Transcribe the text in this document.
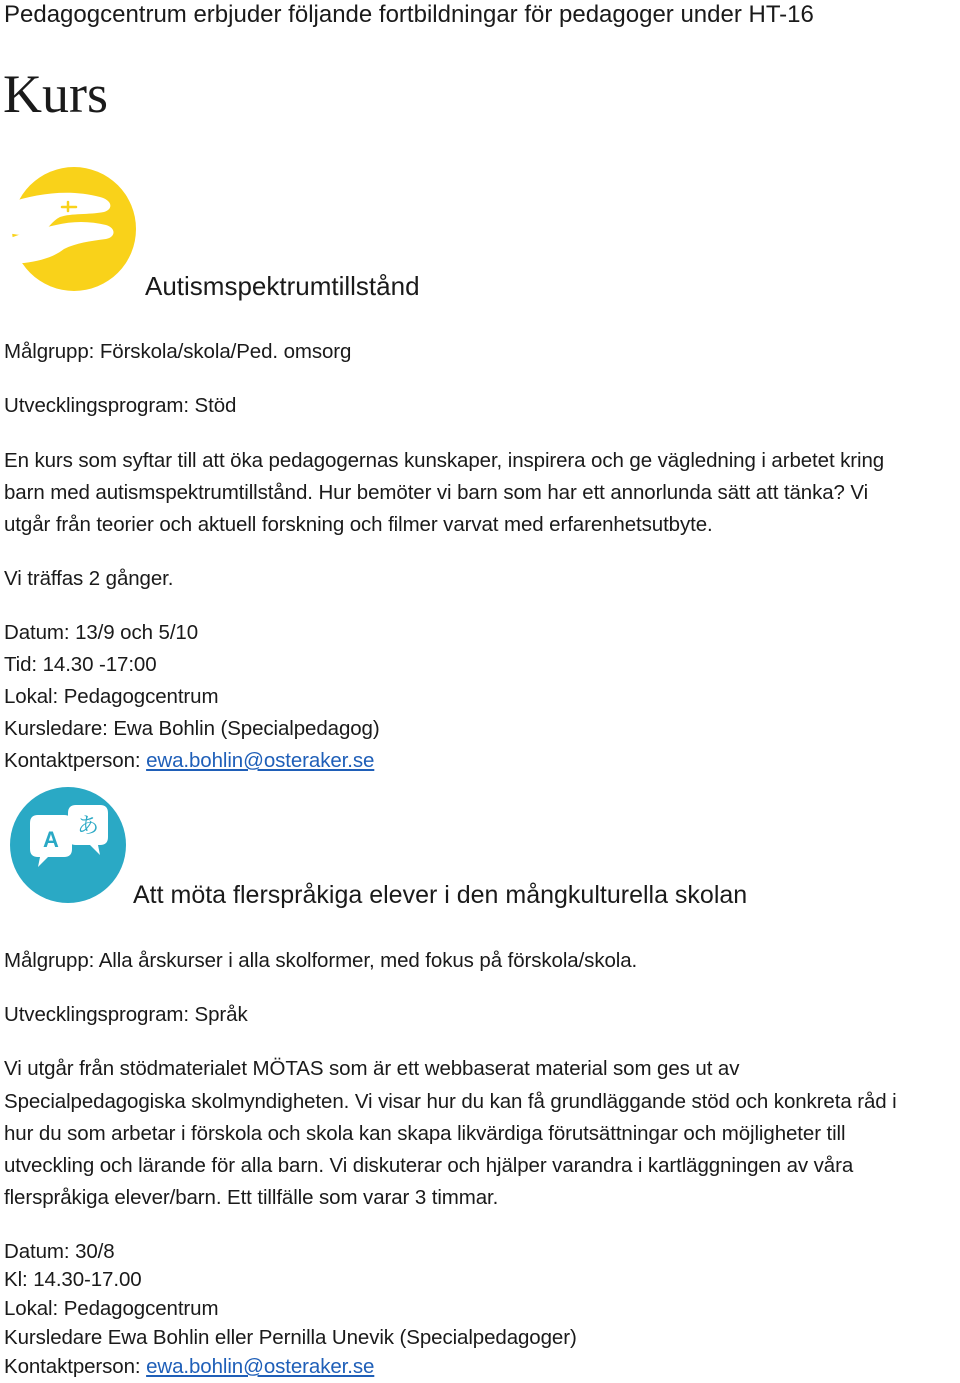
Pedagogcentrum erbjuder följande fortbildningar för pedagoger under HT-16
Kurs
Autismspektrumtillstånd
Målgrupp: Förskola/skola/Ped. omsorg
Utvecklingsprogram: Stöd
En kurs som syftar till att öka pedagogernas kunskaper, inspirera och ge vägledning i arbetet kring
barn med autismspektrumtillstånd. Hur bemöter vi barn som har ett annorlunda sätt att tänka? Vi
utgår från teorier och aktuell forskning och filmer varvat med erfarenhetsutbyte.
Vi träffas 2 gånger.
Datum: 13/9 och 5/10
Tid: 14.30 -17:00
Lokal: Pedagogcentrum
Kursledare: Ewa Bohlin (Specialpedagog)
Kontaktperson: ewa.bohlin@osteraker.se
A
あ
Att möta flerspråkiga elever i den mångkulturella skolan
Målgrupp: Alla årskurser i alla skolformer, med fokus på förskola/skola.
Utvecklingsprogram: Språk
Vi utgår från stödmaterialet MÖTAS som är ett webbaserat material som ges ut av
Specialpedagogiska skolmyndigheten. Vi visar hur du kan få grundläggande stöd och konkreta råd i
hur du som arbetar i förskola och skola kan skapa likvärdiga förutsättningar och möjligheter till
utveckling och lärande för alla barn. Vi diskuterar och hjälper varandra i kartläggningen av våra
flerspråkiga elever/barn. Ett tillfälle som varar 3 timmar.
Datum: 30/8
Kl: 14.30-17.00
Lokal: Pedagogcentrum
Kursledare Ewa Bohlin eller Pernilla Unevik (Specialpedagoger)
Kontaktperson: ewa.bohlin@osteraker.se
